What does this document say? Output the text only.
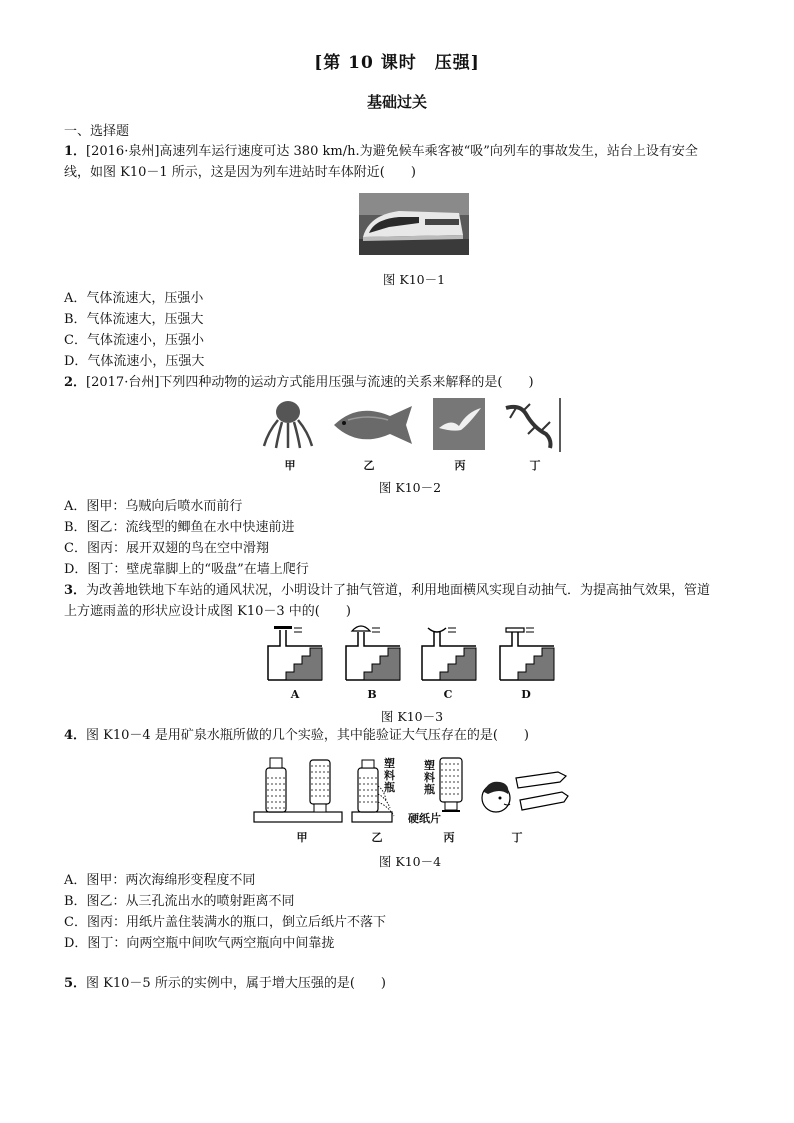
[第 10 课时　压强]
基础过关
一、选择题
1．[2016·泉州]高速列车运行速度可达 380 km/h.为避免候车乘客被“吸”向列车的事故发生，站台上设有安全
线，如图 K10－1 所示，这是因为列车进站时车体附近(　　)
图 K10－1
A．气体流速大，压强小
B．气体流速大，压强大
C．气体流速小，压强小
D．气体流速小，压强大
2．[2017·台州]下列四种动物的运动方式能用压强与流速的关系来解释的是(　　)
甲	乙	丙	丁
图 K10－2
A．图甲：乌贼向后喷水而前行
B．图乙：流线型的鲫鱼在水中快速前进
C．图丙：展开双翅的鸟在空中滑翔
D．图丁：壁虎靠脚上的“吸盘”在墙上爬行
3．为改善地铁地下车站的通风状况，小明设计了抽气管道，利用地面横风实现自动抽气．为提高抽气效果，管道
上方遮雨盖的形状应设计成图 K10－3 中的(　　)
A	B	C	D
图 K10－3
4．图 K10－4 是用矿泉水瓶所做的几个实验，其中能验证大气压存在的是(　　)
塑料瓶
塑料瓶
硬纸片
甲	乙	丙	丁
图 K10－4
A．图甲：两次海绵形变程度不同
B．图乙：从三孔流出水的喷射距离不同
C．图丙：用纸片盖住装满水的瓶口，倒立后纸片不落下
D．图丁：向两空瓶中间吹气两空瓶向中间靠拢
5．图 K10－5 所示的实例中，属于增大压强的是(　　)
